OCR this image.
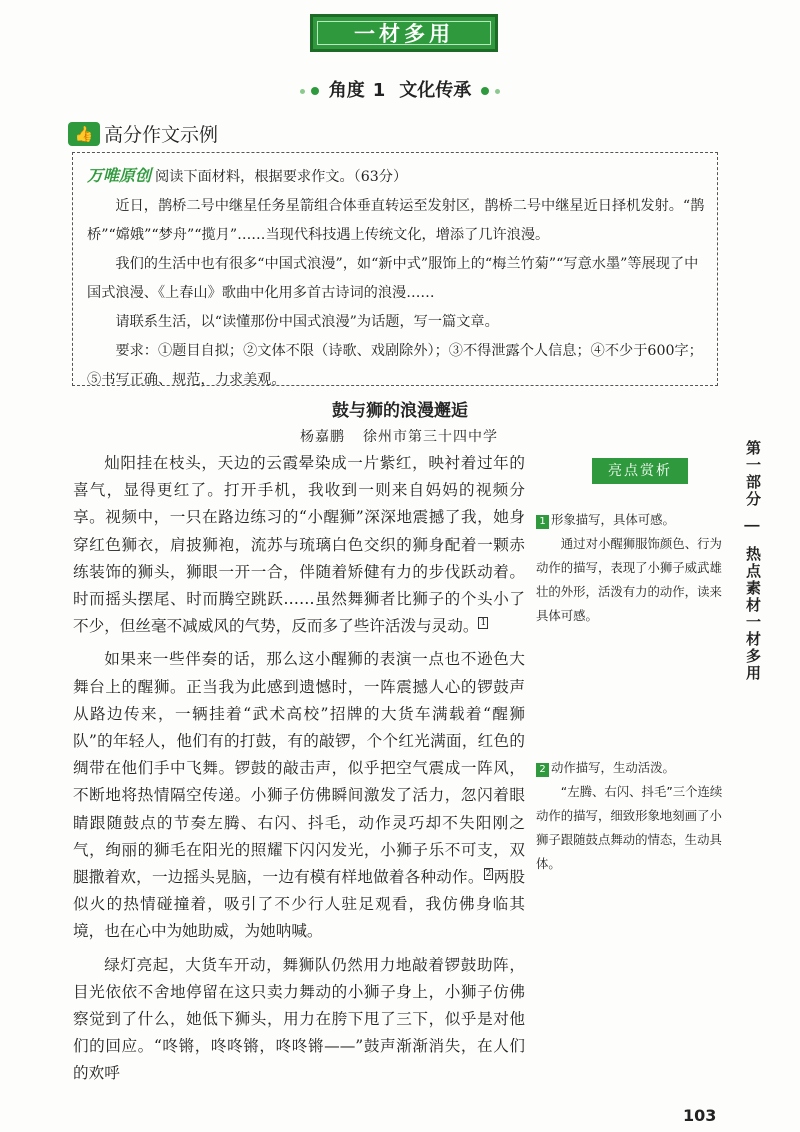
一材多用
角度 1 文化传承
👍 高分作文示例

万唯原创 阅读下面材料，根据要求作文。（63分）

近日，鹊桥二号中继星任务星箭组合体垂直转运至发射区，鹊桥二号中继星近日择机发射。“鹊桥”“嫦娥”“梦舟”“揽月”……当现代科技遇上传统文化，增添了几许浪漫。

我们的生活中也有很多“中国式浪漫”，如“新中式”服饰上的“梅兰竹菊”“写意水墨”等展现了中国式浪漫、《上春山》歌曲中化用多首古诗词的浪漫……

请联系生活，以“读懂那份中国式浪漫”为话题，写一篇文章。

要求：①题目自拟；②文体不限（诗歌、戏剧除外）；③不得泄露个人信息；④不少于600字；⑤书写正确、规范，力求美观。

鼓与狮的浪漫邂逅
杨嘉鹏 徐州市第三十四中学

灿阳挂在枝头，天边的云霞晕染成一片紫红，映衬着过年的喜气，显得更红了。打开手机，我收到一则来自妈妈的视频分享。视频中，一只在路边练习的“小醒狮”深深地震撼了我，她身穿红色狮衣，肩披狮袍，流苏与琉璃白色交织的狮身配着一颗赤练装饰的狮头，狮眼一开一合，伴随着矫健有力的步伐跃动着。时而摇头摆尾、时而腾空跳跃……虽然舞狮者比狮子的个头小了不少，但丝毫不减威风的气势，反而多了些许活泼与灵动。 $^1$

如果来一些伴奏的话，那么这小醒狮的表演一点也不逊色大舞台上的醒狮。正当我为此感到遗憾时，一阵震撼人心的锣鼓声从路边传来，一辆挂着“武术高校”招牌的大货车满载着“醒狮队”的年轻人，他们有的打鼓，有的敲锣，个个红光满面，红色的绸带在他们手中飞舞。锣鼓的敲击声，似乎把空气震成一阵风，不断地将热情隔空传递。小狮子仿佛瞬间激发了活力，忽闪着眼睛跟随鼓点的节奏左腾、右闪、抖毛，动作灵巧却不失阳刚之气，绚丽的狮毛在阳光的照耀下闪闪发光，小狮子乐不可支，双腿撒着欢，一边摇头晃脑，一边有模有样地做着各种动作。 $^2$ 两股似火的热情碰撞着，吸引了不少行人驻足观看，我仿佛身临其境，也在心中为她助威，为她呐喊。

绿灯亮起，大货车开动，舞狮队仍然用力地敲着锣鼓助阵，目光依依不舍地停留在这只卖力舞动的小狮子身上，小狮子仿佛察觉到了什么，她低下狮头，用力在胯下甩了三下，似乎是对他们的回应。“咚锵，咚咚锵，咚咚锵——”鼓声渐渐消失，在人们的欢呼

亮点赏析
1 形象描写，具体可感。
通过对小醒狮服饰颜色、行为动作的描写，表现了小狮子威武雄壮的外形，活泼有力的动作，读来具体可感。
2 动作描写，生动活泼。
“左腾、右闪、抖毛”三个连续动作的描写，细致形象地刻画了小狮子跟随鼓点舞动的情态，生动具体。
第一部分 | 热点素材一材多用
103
